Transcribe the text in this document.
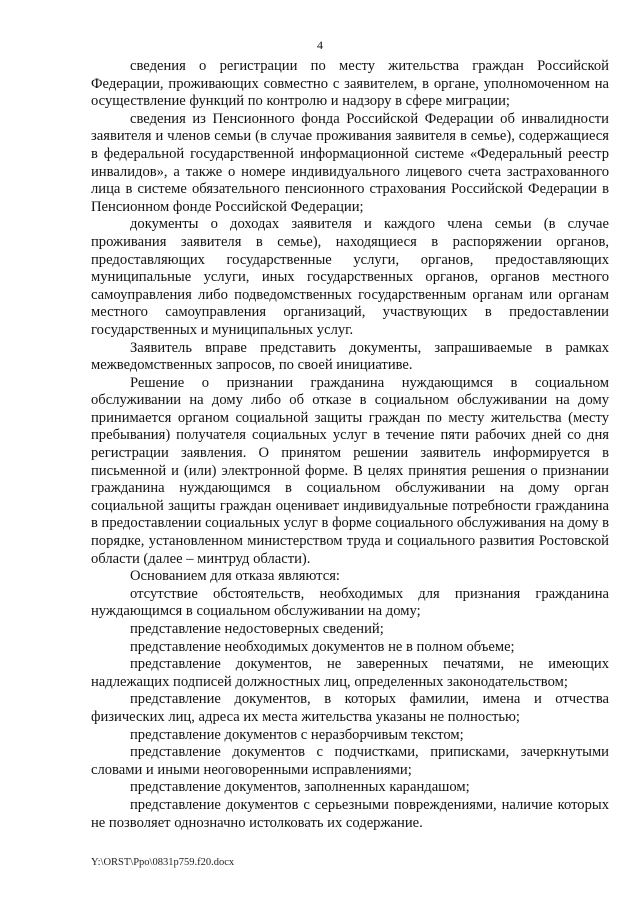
4

сведения о регистрации по месту жительства граждан Российской Федерации, проживающих совместно с заявителем, в органе, уполномоченном на осуществление функций по контролю и надзору в сфере миграции;

сведения из Пенсионного фонда Российской Федерации об инвалидности заявителя и членов семьи (в случае проживания заявителя в семье), содержащиеся в федеральной государственной информационной системе «Федеральный реестр инвалидов», а также о номере индивидуального лицевого счета застрахованного лица в системе обязательного пенсионного страхования Российской Федерации в Пенсионном фонде Российской Федерации;

документы о доходах заявителя и каждого члена семьи (в случае проживания заявителя в семье), находящиеся в распоряжении органов, предоставляющих государственные услуги, органов, предоставляющих муниципальные услуги, иных государственных органов, органов местного самоуправления либо подведомственных государственным органам или органам местного самоуправления организаций, участвующих в предоставлении государственных и муниципальных услуг.

Заявитель вправе представить документы, запрашиваемые в рамках межведомственных запросов, по своей инициативе.

Решение о признании гражданина нуждающимся в социальном обслуживании на дому либо об отказе в социальном обслуживании на дому принимается органом социальной защиты граждан по месту жительства (месту пребывания) получателя социальных услуг в течение пяти рабочих дней со дня регистрации заявления. О принятом решении заявитель информируется в письменной и (или) электронной форме. В целях принятия решения о признании гражданина нуждающимся в социальном обслуживании на дому орган социальной защиты граждан оценивает индивидуальные потребности гражданина в предоставлении социальных услуг в форме социального обслуживания на дому в порядке, установленном министерством труда и социального развития Ростовской области (далее – минтруд области).

Основанием для отказа являются:

отсутствие обстоятельств, необходимых для признания гражданина нуждающимся в социальном обслуживании на дому;

представление недостоверных сведений;

представление необходимых документов не в полном объеме;

представление документов, не заверенных печатями, не имеющих надлежащих подписей должностных лиц, определенных законодательством;

представление документов, в которых фамилии, имена и отчества физических лиц, адреса их места жительства указаны не полностью;

представление документов с неразборчивым текстом;

представление документов с подчистками, приписками, зачеркнутыми словами и иными неоговоренными исправлениями;

представление документов, заполненных карандашом;

представление документов с серьезными повреждениями, наличие которых не позволяет однозначно истолковать их содержание.

Y:\ORST\Ppo\0831p759.f20.docx
